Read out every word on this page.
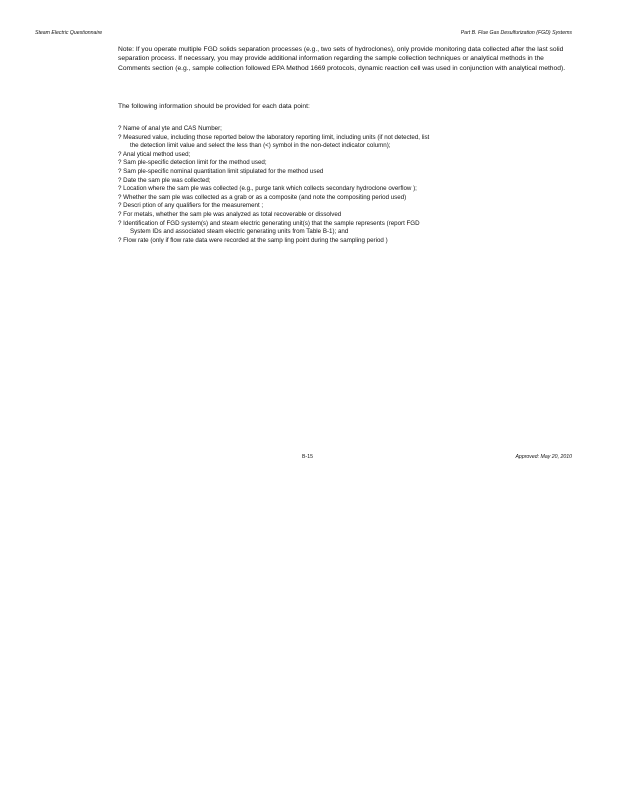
Steam Electric Questionnaire	Part B. Flue Gas Desulfurization (FGD) Systems
Note: If you operate multiple FGD solids separation processes (e.g., two sets of hydroclones), only provide monitoring data collected after the last solid separation process. If necessary, you may provide additional information regarding the sample collection techniques or analytical methods in the Comments section (e.g., sample collection followed EPA Method 1669 protocols, dynamic reaction cell was used in conjunction with analytical method).
The following information should be provided for each data point:
? Name of anal yte and CAS Number;
? Measured value, including those reported below the laboratory reporting limit, including units (if not detected, list
the detection limit value and select the less than (<) symbol in the non-detect indicator column);
? Anal ytical method used;
? Sam ple-specific detection limit for the method used;
? Sam ple-specific nominal quantitation limit stipulated for the method used
? Date the sam ple was collected;
? Location where the sam ple was collected (e.g., purge tank which collects secondary hydroclone overflow );
? Whether the sam ple was collected as a grab or as a composite (and note the compositing period used)
? Descri ption of any qualifiers for the measurement ;
? For metals, whether the sam ple was analyzed as total recoverable or dissolved
? Identification of FGD system(s) and steam electric generating unit(s) that the sample represents (report FGD
System IDs and associated steam electric generating units from Table B-1); and
? Flow rate (only if flow rate data were recorded at the samp ling point during the sampling period )
B-15	Approved: May 20, 2010
